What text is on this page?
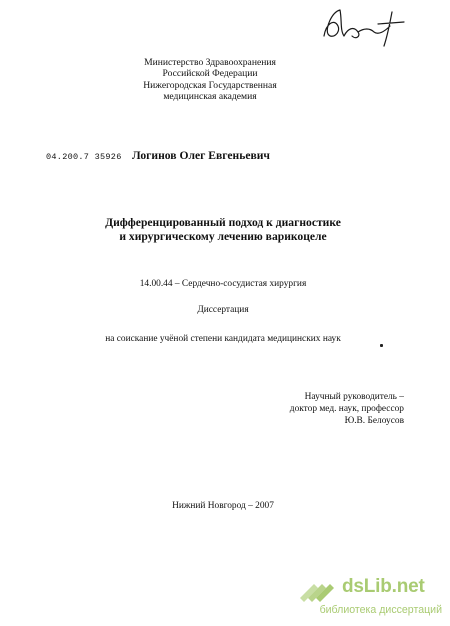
Министерство Здравоохранения
Российской Федерации
Нижегородская Государственная
медицинская академия
04.200.7 35926 Логинов Олег Евгеньевич
Дифференцированный подход к диагностике
и хирургическому лечению варикоцеле
14.00.44 – Сердечно-сосудистая хирургия
Диссертация
на соискание учёной степени кандидата медицинских наук
Научный руководитель –
доктор мед. наук, профессор
Ю.В. Белоусов
Нижний Новгород – 2007
dsLib.net
библиотека диссертаций
